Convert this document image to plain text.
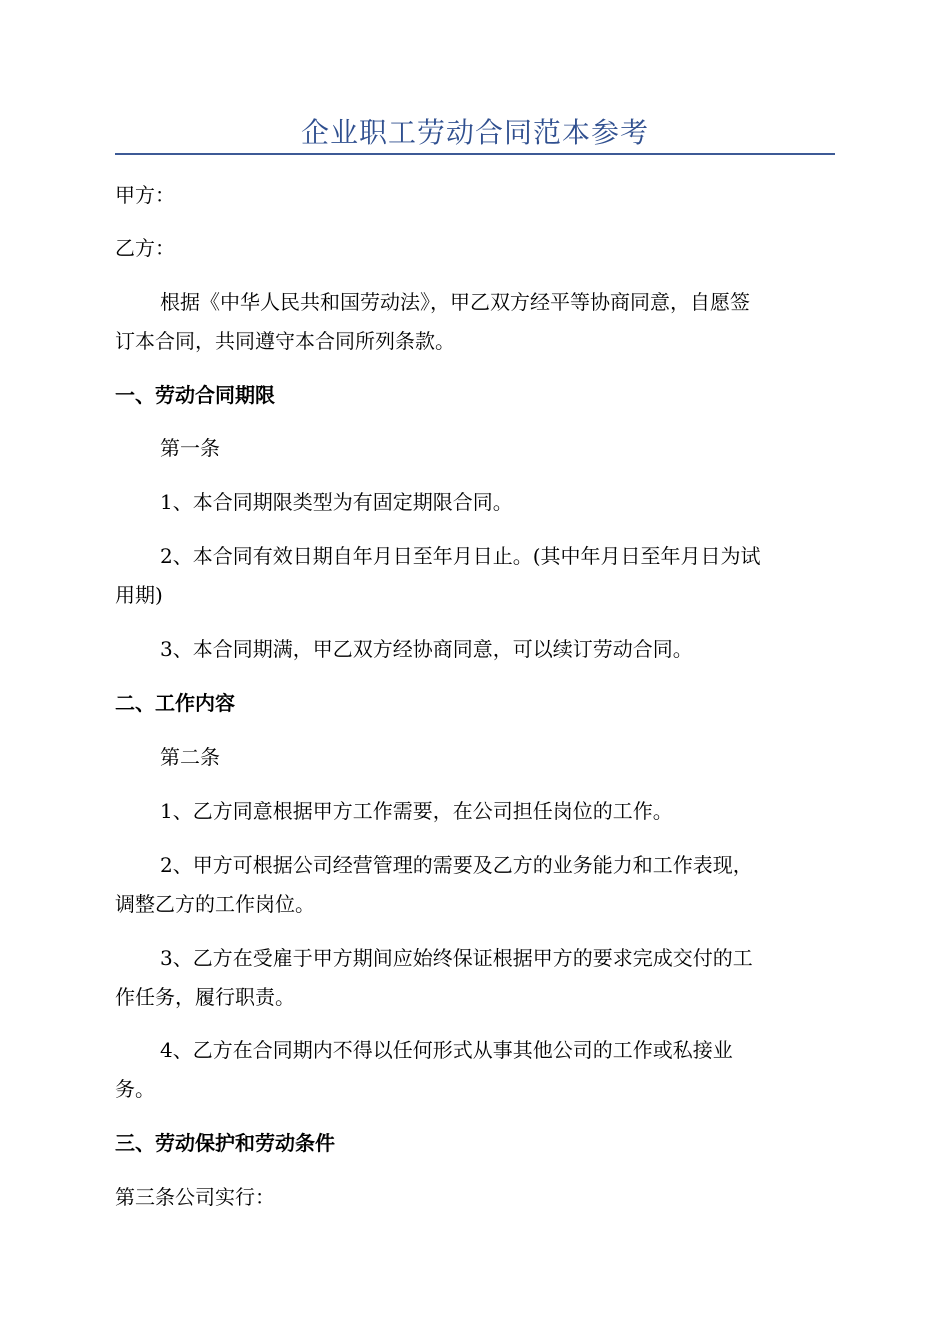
企业职工劳动合同范本参考
甲方：
乙方：
根据《中华人民共和国劳动法》，甲乙双方经平等协商同意，自愿签
订本合同，共同遵守本合同所列条款。
一、劳动合同期限
第一条
1、本合同期限类型为有固定期限合同。
2、本合同有效日期自年月日至年月日止。(其中年月日至年月日为试
用期)
3、本合同期满，甲乙双方经协商同意，可以续订劳动合同。
二、工作内容
第二条
1、乙方同意根据甲方工作需要，在公司担任岗位的工作。
2、甲方可根据公司经营管理的需要及乙方的业务能力和工作表现，
调整乙方的工作岗位。
3、乙方在受雇于甲方期间应始终保证根据甲方的要求完成交付的工
作任务，履行职责。
4、乙方在合同期内不得以任何形式从事其他公司的工作或私接业
务。
三、劳动保护和劳动条件
第三条公司实行：
